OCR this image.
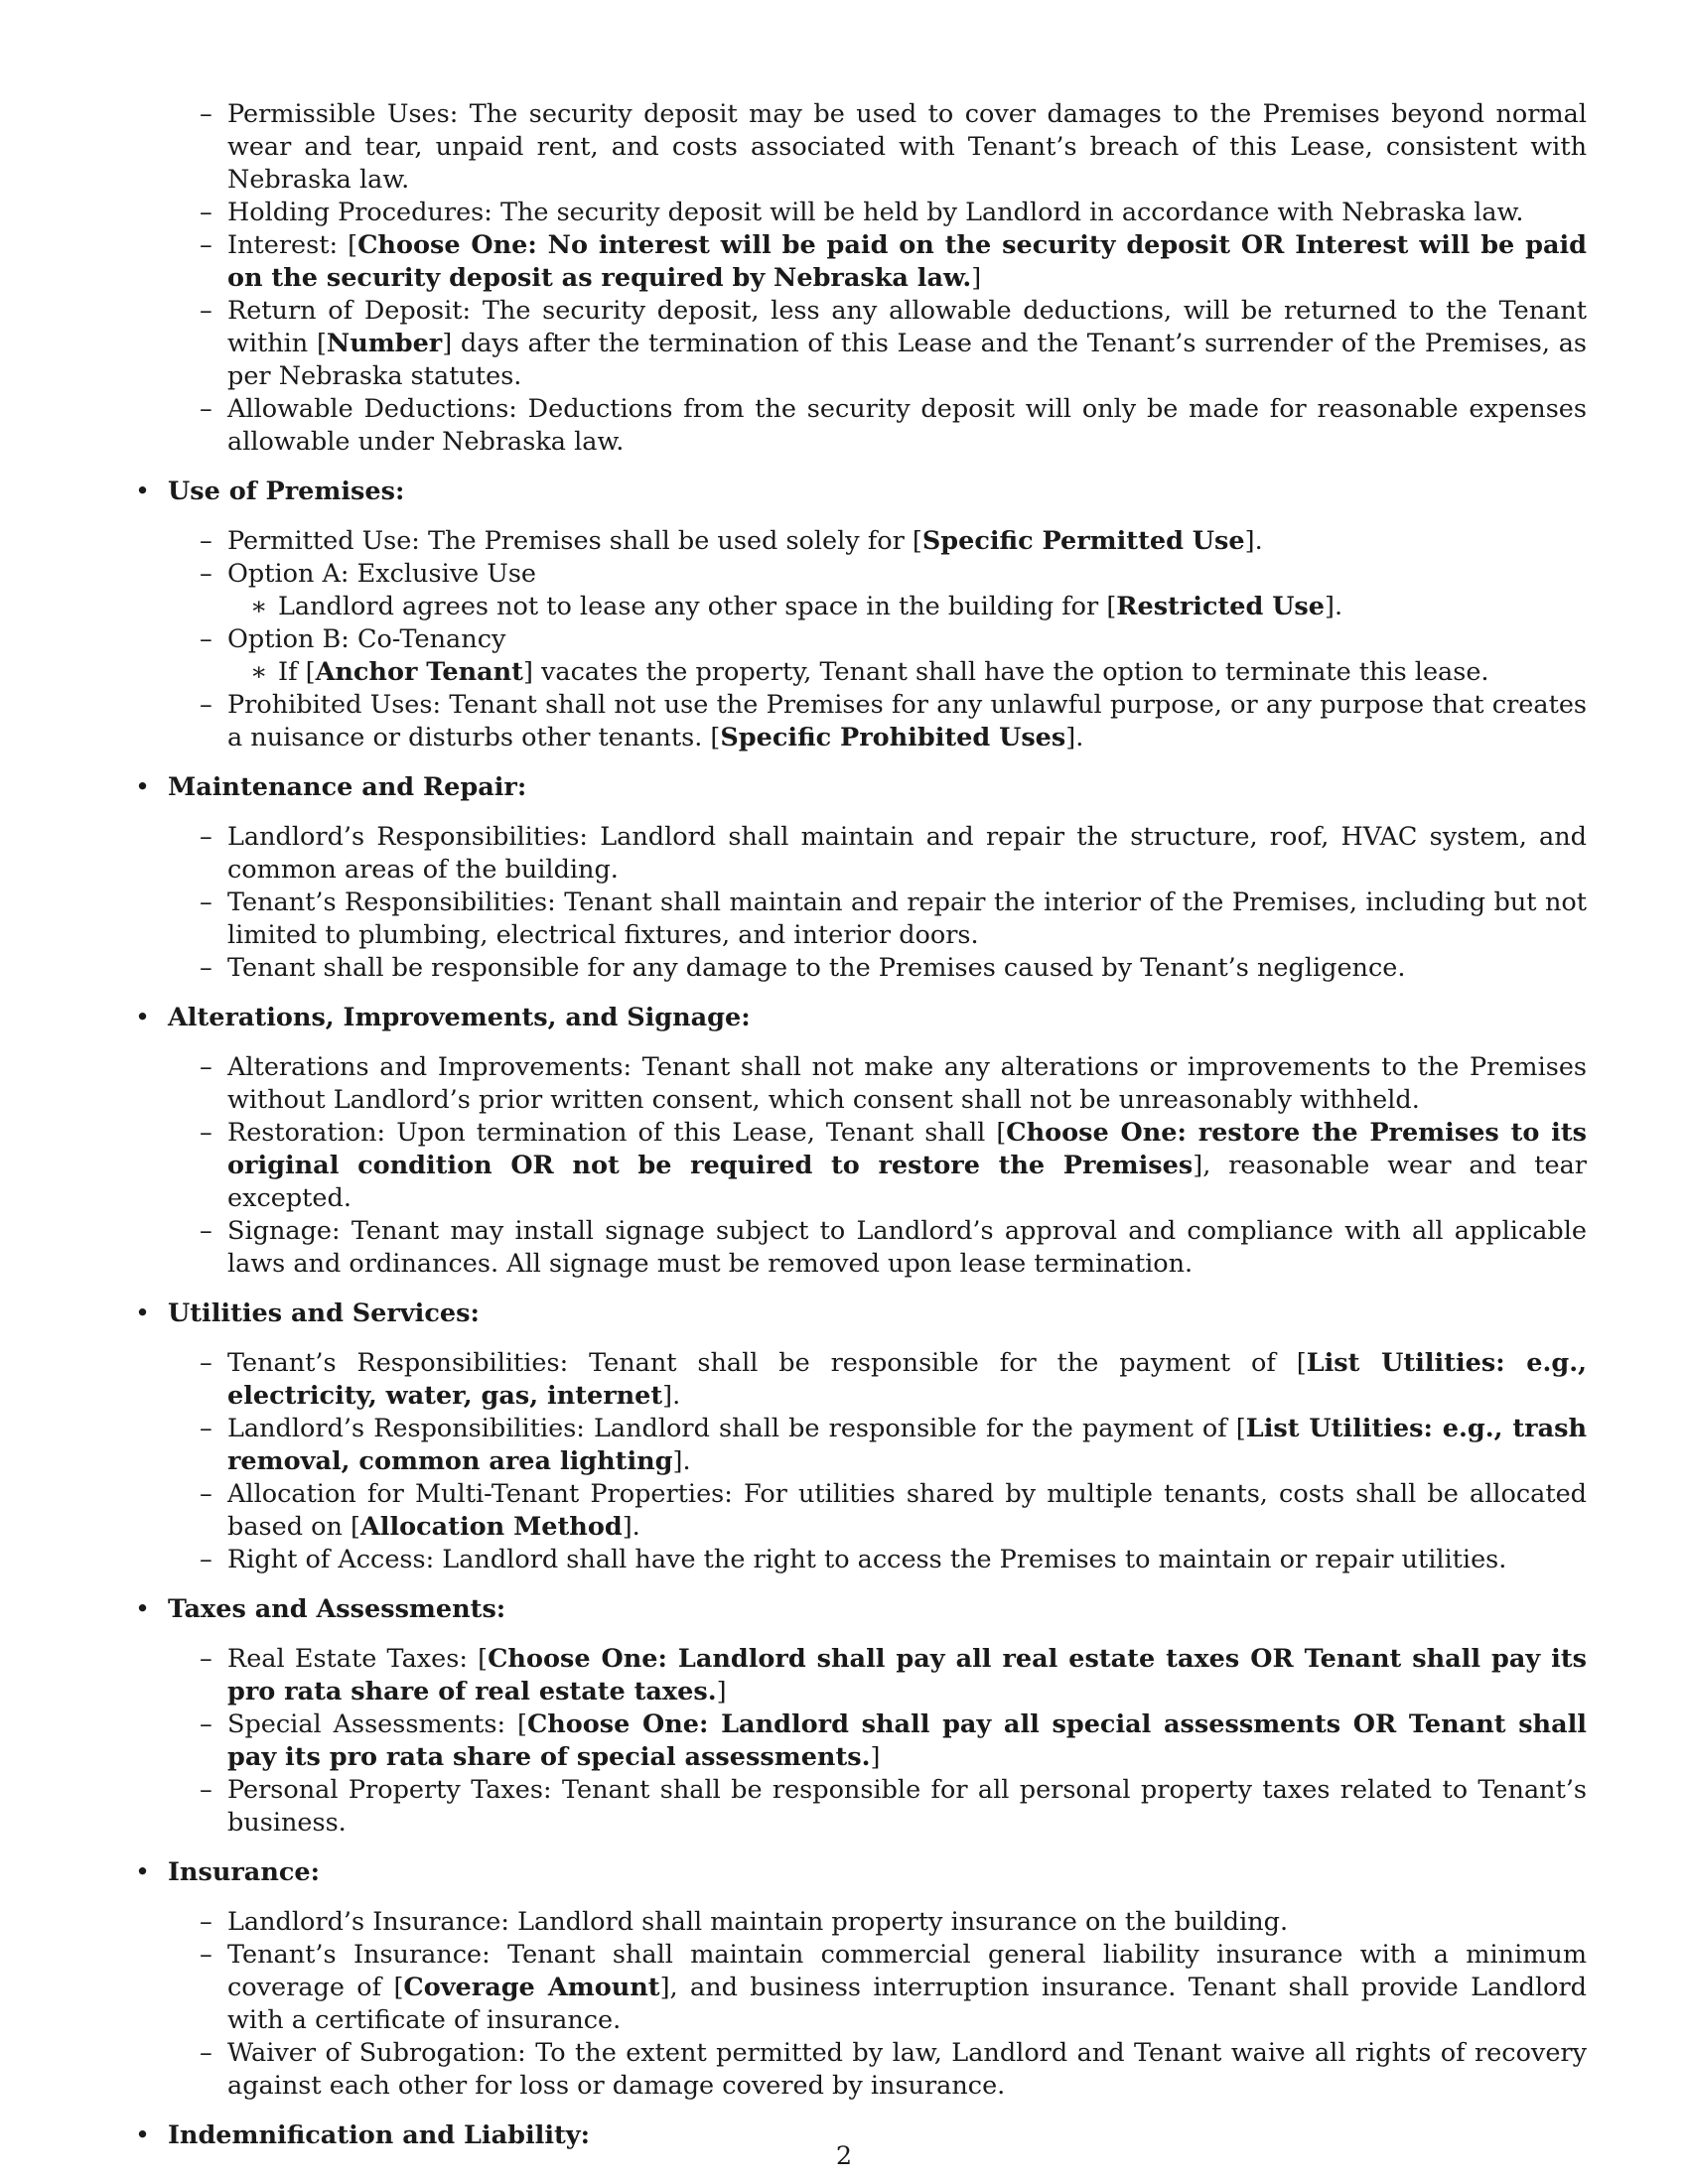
– Permissible Uses: The security deposit may be used to cover damages to the Premises beyond normal wear and tear, unpaid rent, and costs associated with Tenant’s breach of this Lease, consistent with Nebraska law.
– Holding Procedures: The security deposit will be held by Landlord in accordance with Nebraska law.
– Interest: [Choose One: No interest will be paid on the security deposit OR Interest will be paid on the security deposit as required by Nebraska law.]
– Return of Deposit: The security deposit, less any allowable deductions, will be returned to the Tenant within [Number] days after the termination of this Lease and the Tenant’s surrender of the Premises, as per Nebraska statutes.
– Allowable Deductions: Deductions from the security deposit will only be made for reasonable expenses allowable under Nebraska law.
• Use of Premises:
– Permitted Use: The Premises shall be used solely for [Specific Permitted Use].
– Option A: Exclusive Use
∗ Landlord agrees not to lease any other space in the building for [Restricted Use].
– Option B: Co-Tenancy
∗ If [Anchor Tenant] vacates the property, Tenant shall have the option to terminate this lease.
– Prohibited Uses: Tenant shall not use the Premises for any unlawful purpose, or any purpose that creates a nuisance or disturbs other tenants. [Specific Prohibited Uses].
• Maintenance and Repair:
– Landlord’s Responsibilities: Landlord shall maintain and repair the structure, roof, HVAC system, and common areas of the building.
– Tenant’s Responsibilities: Tenant shall maintain and repair the interior of the Premises, including but not limited to plumbing, electrical fixtures, and interior doors.
– Tenant shall be responsible for any damage to the Premises caused by Tenant’s negligence.
• Alterations, Improvements, and Signage:
– Alterations and Improvements: Tenant shall not make any alterations or improvements to the Premises without Landlord’s prior written consent, which consent shall not be unreasonably withheld.
– Restoration: Upon termination of this Lease, Tenant shall [Choose One: restore the Premises to its original condition OR not be required to restore the Premises], reasonable wear and tear excepted.
– Signage: Tenant may install signage subject to Landlord’s approval and compliance with all applicable laws and ordinances. All signage must be removed upon lease termination.
• Utilities and Services:
– Tenant’s Responsibilities: Tenant shall be responsible for the payment of [List Utilities: e.g., electricity, water, gas, internet].
– Landlord’s Responsibilities: Landlord shall be responsible for the payment of [List Utilities: e.g., trash removal, common area lighting].
– Allocation for Multi-Tenant Properties: For utilities shared by multiple tenants, costs shall be allocated based on [Allocation Method].
– Right of Access: Landlord shall have the right to access the Premises to maintain or repair utilities.
• Taxes and Assessments:
– Real Estate Taxes: [Choose One: Landlord shall pay all real estate taxes OR Tenant shall pay its pro rata share of real estate taxes.]
– Special Assessments: [Choose One: Landlord shall pay all special assessments OR Tenant shall pay its pro rata share of special assessments.]
– Personal Property Taxes: Tenant shall be responsible for all personal property taxes related to Tenant’s business.
• Insurance:
– Landlord’s Insurance: Landlord shall maintain property insurance on the building.
– Tenant’s Insurance: Tenant shall maintain commercial general liability insurance with a minimum coverage of [Coverage Amount], and business interruption insurance. Tenant shall provide Landlord with a certificate of insurance.
– Waiver of Subrogation: To the extent permitted by law, Landlord and Tenant waive all rights of recovery against each other for loss or damage covered by insurance.
• Indemnification and Liability:
2
